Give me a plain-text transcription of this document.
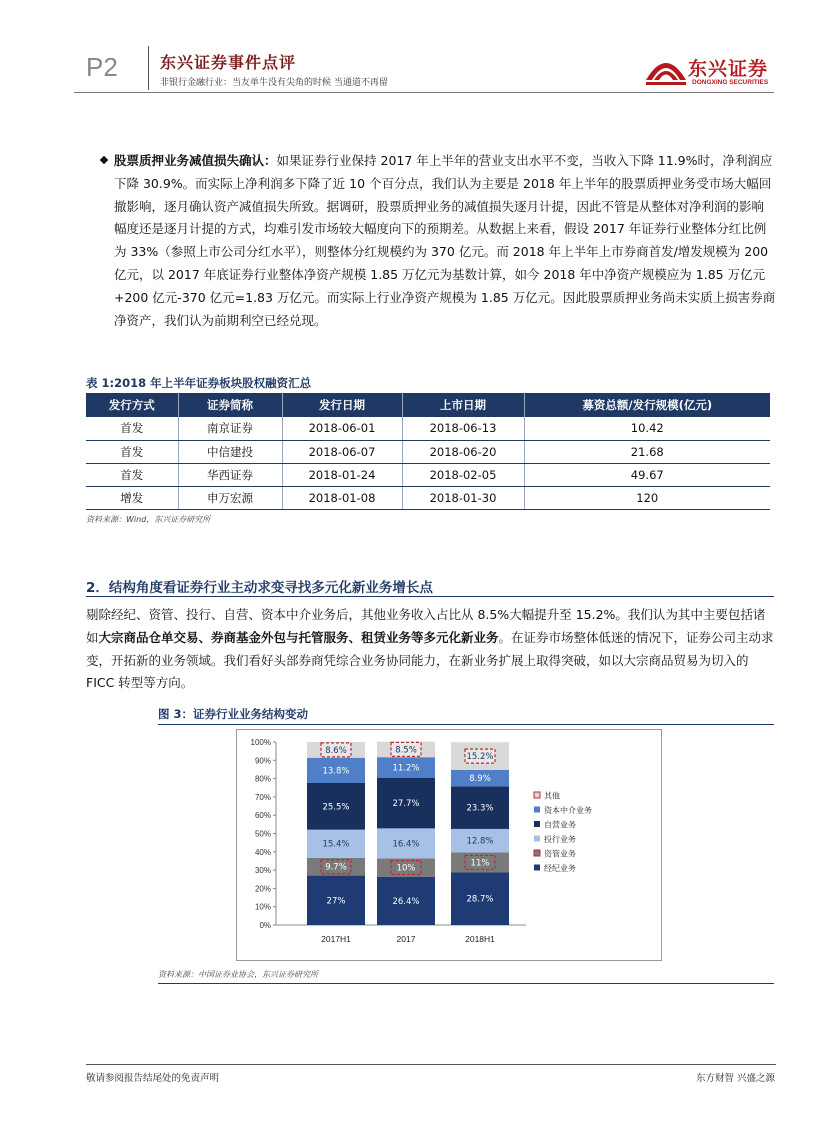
P2	东兴证券事件点评
非银行金融行业：当友单牛没有尖角的时候 当通道不再留
东兴证券
DONGXING SECURITIES

股票质押业务减值损失确认：如果证券行业保持 2017 年上半年的营业支出水平不变，当收入下降 11.9%时，净利润应下降 30.9%。而实际上净利润多下降了近 10 个百分点，我们认为主要是 2018 年上半年的股票质押业务受市场大幅回撤影响，逐月确认资产减值损失所致。据调研，股票质押业务的减值损失逐月计提，因此不管是从整体对净利润的影响幅度还是逐月计提的方式，均难引发市场较大幅度向下的预期差。从数据上来看，假设 2017 年证券行业整体分红比例为 33%（参照上市公司分红水平），则整体分红规模约为 370 亿元。而 2018 年上半年上市券商首发/增发规模为 200 亿元，以 2017 年底证券行业整体净资产规模 1.85 万亿元为基数计算，如今 2018 年中净资产规模应为 1.85 万亿元+200 亿元-370 亿元=1.83 万亿元。而实际上行业净资产规模为 1.85 万亿元。因此股票质押业务尚未实质上损害券商净资产，我们认为前期利空已经兑现。

表 1:2018 年上半年证券板块股权融资汇总
发行方式	证券简称	发行日期	上市日期	募资总额/发行规模(亿元)
首发	南京证券	2018-06-01	2018-06-13	10.42
首发	中信建投	2018-06-07	2018-06-20	21.68
首发	华西证券	2018-01-24	2018-02-05	49.67
增发	申万宏源	2018-01-08	2018-01-30	120
资料来源：Wind，东兴证券研究所
2．结构角度看证券行业主动求变寻找多元化新业务增长点

剔除经纪、资管、投行、自营、资本中介业务后，其他业务收入占比从 8.5%大幅提升至 15.2%。我们认为其中主要包括诸如大宗商品仓单交易、券商基金外包与托管服务、租赁业务等多元化新业务。在证券市场整体低迷的情况下，证券公司主动求变，开拓新的业务领域。我们看好头部券商凭综合业务协同能力，在新业务扩展上取得突破，如以大宗商品贸易为切入的 FICC 转型等方向。

图 3：证券行业业务结构变动
0%
10%
20%
30%
40%
50%
60%
70%
80%
90%
100%
27%
9.7%
15.4%
25.5%
13.8%
8.6%
2017H1
26.4%
10%
16.4%
27.7%
11.2%
8.5%
2017
28.7%
11%
12.8%
23.3%
8.9%
15.2%
2018H1
其他
资本中介业务
自营业务
投行业务
资管业务
经纪业务
资料来源：中国证券业协会，东兴证券研究所
敬请参阅报告结尾处的免责声明	东方财智 兴盛之源
